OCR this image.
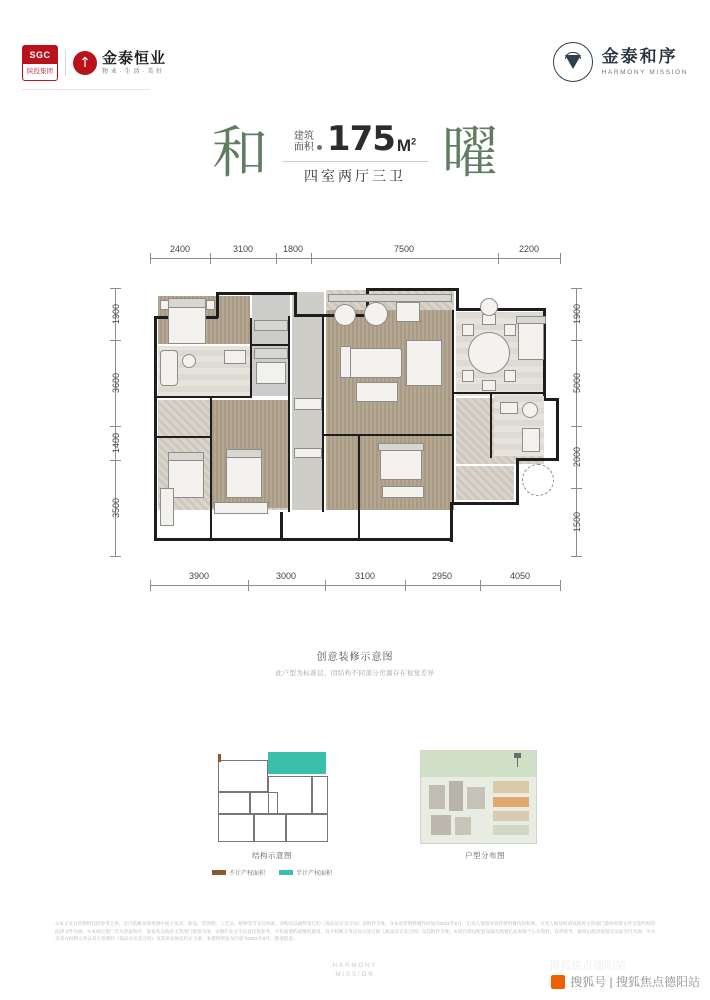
SGC
陕投集团
↑ 金泰恒业
物 业 · 生 活 · 美 好
金泰和序
HARMONY MISSION
和	建筑
面积 175 $M^2$
四室两厅三卫 曜
2400	3100	1800	7500	2200
3900	3000	3100	2950	4050
1900
3600
1400
3500
1900
5000
2000
1500
创意装修示意图
此户型为标准层，因结构不同部分房源存在视觉差异
结构示意图
不计产权面积	半计产权面积
户型分布图
①本文及宣传物料仅供参考之用，室内装修及效果图中屋子家具、陈设、装饰物、工艺品、植物等非交付标准；②购房以最终签订的《商品房买卖合同》及附件为准；③本宣传资料制作时间为2021年8月，出卖人保留对宣传资料修改的权利，买受人购房时请以政府主管部门最终审批文件及签约时的法律文件为准；④本项目推广名为金泰和序，备案名以政府主管部门批准为准；⑤图片及文字信息仅供参考，不构成要约或要约邀请，双方权利义务以双方签订的《商品房买卖合同》及其附件为准；⑥项目周边配套设施及规划信息来源于公开资料，仅供参考，最终以政府规划及实际交付为准；⑦买卖双方权利义务以双方签署的《商品房买卖合同》及其补充协议约定为准；本资料所发布内容为2021年8月，敬请留意。
HARMONY
MISSION
搜狐焦点德阳站
搜狐号 | 搜狐焦点德阳站
